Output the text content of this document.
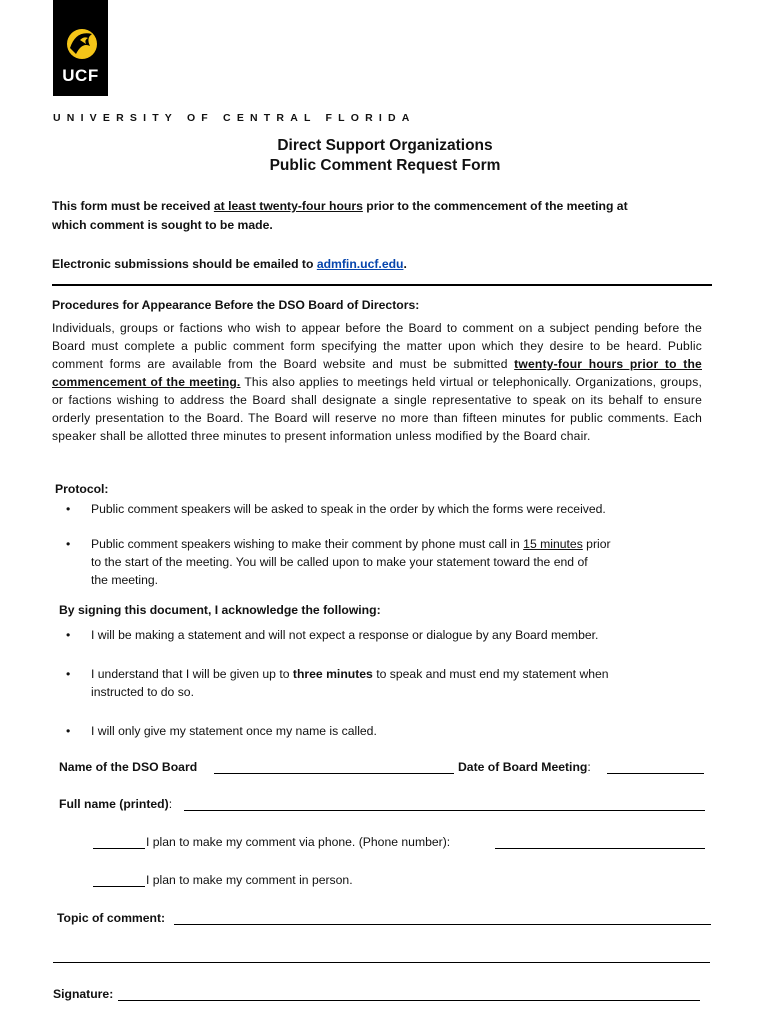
UCF
UNIVERSITY OF CENTRAL FLORIDA
Direct Support Organizations
Public Comment Request Form
This form must be received at least twenty-four hours prior to the commencement of the meeting at
which comment is sought to be made.
Electronic submissions should be emailed to admfin.ucf.edu.
Procedures for Appearance Before the DSO Board of Directors:
Individuals, groups or factions who wish to appear before the Board to comment on a subject pending before the Board must complete a public comment form specifying the matter upon which they desire to be heard. Public comment forms are available from the Board website and must be submitted twenty-four hours prior to the commencement of the meeting. This also applies to meetings held virtual or telephonically. Organizations, groups, or factions wishing to address the Board shall designate a single representative to speak on its behalf to ensure orderly presentation to the Board. The Board will reserve no more than fifteen minutes for public comments. Each speaker shall be allotted three minutes to present information unless modified by the Board chair.
Protocol:
• Public comment speakers will be asked to speak in the order by which the forms were received.
• Public comment speakers wishing to make their comment by phone must call in 15 minutes prior
to the start of the meeting. You will be called upon to make your statement toward the end of
the meeting.
By signing this document, I acknowledge the following:
• I will be making a statement and will not expect a response or dialogue by any Board member.
• I understand that I will be given up to three minutes to speak and must end my statement when
instructed to do so.
• I will only give my statement once my name is called.
Name of the DSO Board	Date of Board Meeting:
Full name (printed):
I plan to make my comment via phone. (Phone number):
I plan to make my comment in person.
Topic of comment:
Signature:
